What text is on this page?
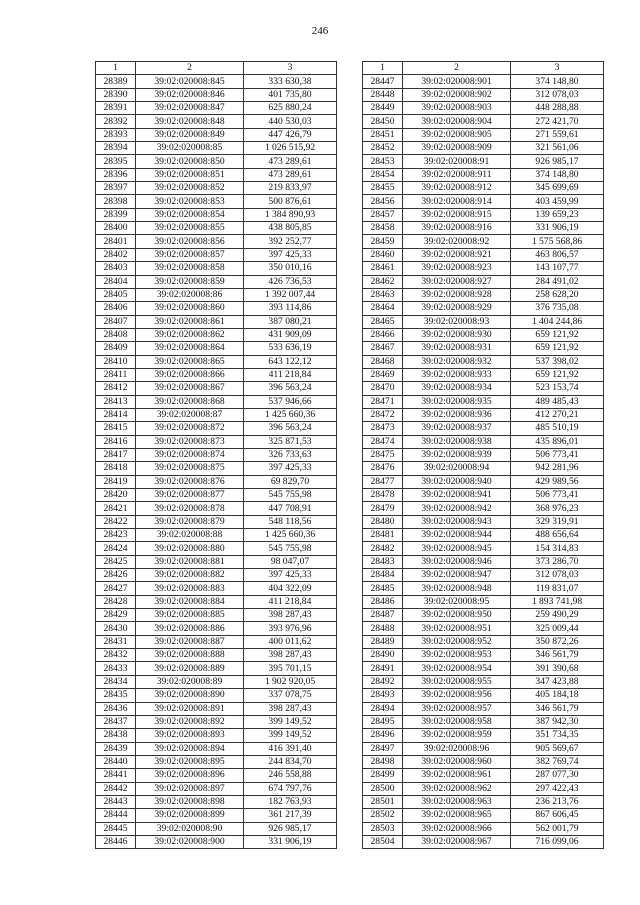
246
1	2	3
28389	39:02:020008:845	333 630,38
28390	39:02:020008:846	401 735,80
28391	39:02:020008:847	625 880,24
28392	39:02:020008:848	440 530,03
28393	39:02:020008:849	447 426,79
28394	39:02:020008:85	1 026 515,92
28395	39:02:020008:850	473 289,61
28396	39:02:020008:851	473 289,61
28397	39:02:020008:852	219 833,97
28398	39:02:020008:853	500 876,61
28399	39:02:020008:854	1 384 890,93
28400	39:02:020008:855	438 805,85
28401	39:02:020008:856	392 252,77
28402	39:02:020008:857	397 425,33
28403	39:02:020008:858	350 010,16
28404	39:02:020008:859	426 736,53
28405	39:02:020008:86	1 392 007,44
28406	39:02:020008:860	393 114,86
28407	39:02:020008:861	387 080,21
28408	39:02:020008:862	431 909,09
28409	39:02:020008:864	533 636,19
28410	39:02:020008:865	643 122,12
28411	39:02:020008:866	411 218,84
28412	39:02:020008:867	396 563,24
28413	39:02:020008:868	537 946,66
28414	39:02:020008:87	1 425 660,36
28415	39:02:020008:872	396 563,24
28416	39:02:020008:873	325 871,53
28417	39:02:020008:874	326 733,63
28418	39:02:020008:875	397 425,33
28419	39:02:020008:876	69 829,70
28420	39:02:020008:877	545 755,98
28421	39:02:020008:878	447 708,91
28422	39:02:020008:879	548 118,56
28423	39:02:020008:88	1 425 660,36
28424	39:02:020008:880	545 755,98
28425	39:02:020008:881	98 047,07
28426	39:02:020008:882	397 425,33
28427	39:02:020008:883	404 322,09
28428	39:02:020008:884	411 218,84
28429	39:02:020008:885	398 287,43
28430	39:02:020008:886	393 976,96
28431	39:02:020008:887	400 011,62
28432	39:02:020008:888	398 287,43
28433	39:02:020008:889	395 701,15
28434	39:02:020008:89	1 902 920,05
28435	39:02:020008:890	337 078,75
28436	39:02:020008:891	398 287,43
28437	39:02:020008:892	399 149,52
28438	39:02:020008:893	399 149,52
28439	39:02:020008:894	416 391,40
28440	39:02:020008:895	244 834,70
28441	39:02:020008:896	246 558,88
28442	39:02:020008:897	674 797,76
28443	39:02:020008:898	182 763,93
28444	39:02:020008:899	361 217,39
28445	39:02:020008:90	926 985,17
28446	39:02:020008:900	331 906,19
1	2	3
28447	39:02:020008:901	374 148,80
28448	39:02:020008:902	312 078,03
28449	39:02:020008:903	448 288,88
28450	39:02:020008:904	272 421,70
28451	39:02:020008:905	271 559,61
28452	39:02:020008:909	321 561,06
28453	39:02:020008:91	926 985,17
28454	39:02:020008:911	374 148,80
28455	39:02:020008:912	345 699,69
28456	39:02:020008:914	403 459,99
28457	39:02:020008:915	139 659,23
28458	39:02:020008:916	331 906,19
28459	39:02:020008:92	1 575 568,86
28460	39:02:020008:921	463 806,57
28461	39:02:020008:923	143 107,77
28462	39:02:020008:927	284 491,02
28463	39:02:020008:928	258 628,20
28464	39:02:020008:929	376 735,08
28465	39:02:020008:93	1 404 244,86
28466	39:02:020008:930	659 121,92
28467	39:02:020008:931	659 121,92
28468	39:02:020008:932	537 398,02
28469	39:02:020008:933	659 121,92
28470	39:02:020008:934	523 153,74
28471	39:02:020008:935	489 485,43
28472	39:02:020008:936	412 270,21
28473	39:02:020008:937	485 510,19
28474	39:02:020008:938	435 896,01
28475	39:02:020008:939	506 773,41
28476	39:02:020008:94	942 281,96
28477	39:02:020008:940	429 989,56
28478	39:02:020008:941	506 773,41
28479	39:02:020008:942	368 976,23
28480	39:02:020008:943	329 319,91
28481	39:02:020008:944	488 656,64
28482	39:02:020008:945	154 314,83
28483	39:02:020008:946	373 286,70
28484	39:02:020008:947	312 078,03
28485	39:02:020008:948	119 831,07
28486	39:02:020008:95	1 893 741,98
28487	39:02:020008:950	259 490,29
28488	39:02:020008:951	325 009,44
28489	39:02:020008:952	350 872,26
28490	39:02:020008:953	346 561,79
28491	39:02:020008:954	391 390,68
28492	39:02:020008:955	347 423,88
28493	39:02:020008:956	405 184,18
28494	39:02:020008:957	346 561,79
28495	39:02:020008:958	387 942,30
28496	39:02:020008:959	351 734,35
28497	39:02:020008:96	905 569,67
28498	39:02:020008:960	382 769,74
28499	39:02:020008:961	287 077,30
28500	39:02:020008:962	297 422,43
28501	39:02:020008:963	236 213,76
28502	39:02:020008:965	867 606,45
28503	39:02:020008:966	562 001,79
28504	39:02:020008:967	716 099,06
